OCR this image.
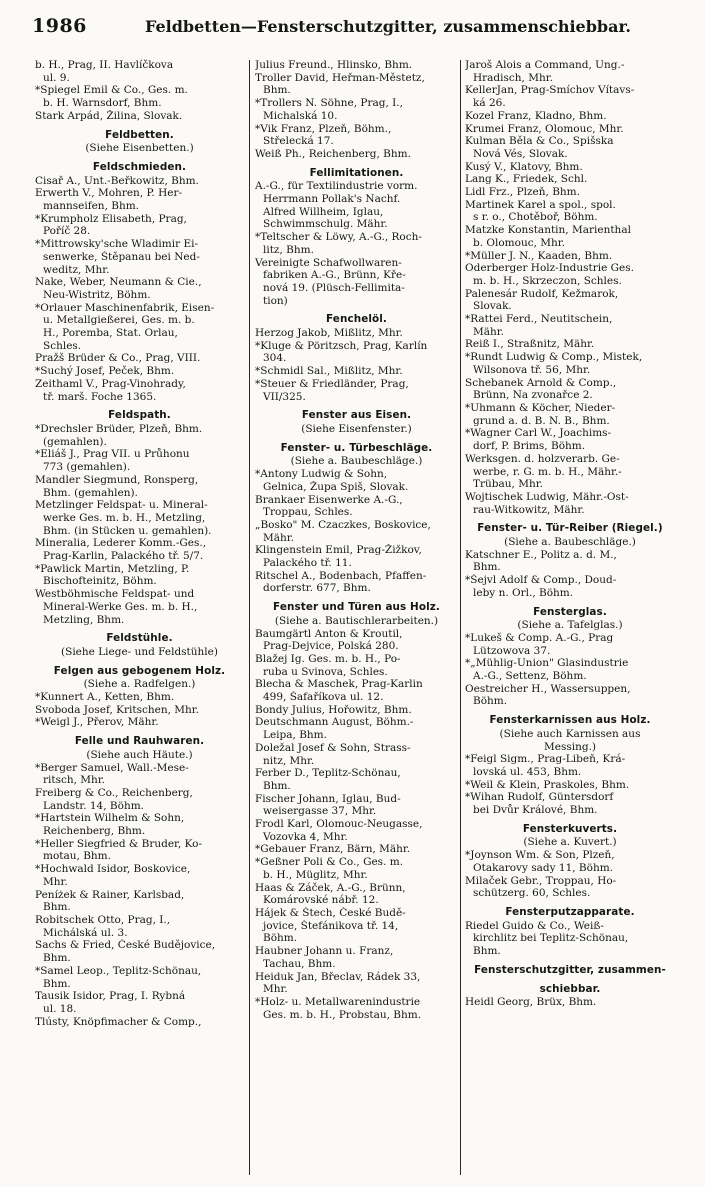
1986	Feldbetten—Fensterschutzgitter, zusammenschiebbar.
b. H., Prag, II. Havlíčkova
ul. 9.
*Spiegel Emil & Co., Ges. m.
b. H. Warnsdorf, Bhm.
Stark Arpád, Žilina, Slovak.
Feldbetten.
(Siehe Eisenbetten.)
Feldschmieden.
Cisař A., Unt.-Beřkowitz, Bhm.
Erwerth V., Mohren, P. Her-
mannseifen, Bhm.
*Krumpholz Elisabeth, Prag,
Poříč 28.
*Mittrowsky'sche Wladimir Ei-
senwerke, Štěpanau bei Ned-
weditz, Mhr.
Nake, Weber, Neumann & Cie.,
Neu-Wistritz, Böhm.
*Orlauer Maschinenfabrik, Eisen-
u. Metallgießerei, Ges. m. b.
H., Poremba, Stat. Orlau,
Schles.
Pražš Brüder & Co., Prag, VIII.
*Suchý Josef, Peček, Bhm.
Zeithaml V., Prag-Vinohrady,
tř. marš. Foche 1365.
Feldspath.
*Drechsler Brüder, Plzeň, Bhm.
(gemahlen).
*Eliáš J., Prag VII. u Průhonu
773 (gemahlen).
Mandler Siegmund, Ronsperg,
Bhm. (gemahlen).
Metzlinger Feldspat- u. Mineral-
werke Ges. m. b. H., Metzling,
Bhm. (in Stücken u. gemahlen).
Mineralia, Lederer Komm.-Ges.,
Prag-Karlin, Palackého tř. 5/7.
*Pawlick Martin, Metzling, P.
Bischofteinitz, Böhm.
Westböhmische Feldspat- und
Mineral-Werke Ges. m. b. H.,
Metzling, Bhm.
Feldstühle.
(Siehe Liege- und Feldstühle)
Felgen aus gebogenem Holz.
(Siehe a. Radfelgen.)
*Kunnert A., Ketten, Bhm.
Svoboda Josef, Kritschen, Mhr.
*Weigl J., Přerov, Mähr.
Felle und Rauhwaren.
(Siehe auch Häute.)
*Berger Samuel, Wall.-Mese-
ritsch, Mhr.
Freiberg & Co., Reichenberg,
Landstr. 14, Böhm.
*Hartstein Wilhelm & Sohn,
Reichenberg, Bhm.
*Heller Siegfried & Bruder, Ko-
motau, Bhm.
*Hochwald Isidor, Boskovice,
Mhr.
Peníżek & Rainer, Karlsbad,
Bhm.
Robitschek Otto, Prag, I.,
Michálská ul. 3.
Sachs & Fried, České Budějovice,
Bhm.
*Samel Leop., Teplitz-Schönau,
Bhm.
Tausik Isidor, Prag, I. Rybná
ul. 18.
Tlústy, Knöpfimacher & Comp.,
Julius Freund., Hlinsko, Bhm.
Troller David, Heřman-Městetz,
Bhm.
*Trollers N. Söhne, Prag, I.,
Michalská 10.
*Vik Franz, Plzeň, Böhm.,
Střelecká 17.
Weiß Ph., Reichenberg, Bhm.
Fellimitationen.
A.-G., für Textilindustrie vorm.
Herrmann Pollak's Nachf.
Alfred Willheim, Iglau,
Schwimmschulg. Mähr.
*Teltscher & Löwy, A.-G., Roch-
litz, Bhm.
Vereinigte Schafwollwaren-
fabriken A.-G., Brünn, Křе-
nová 19. (Plüsch-Fellimita-
tion)
Fenchelöl.
Herzog Jakob, Mißlitz, Mhr.
*Kluge & Pöritzsch, Prag, Karlín
304.
*Schmidl Sal., Mißlitz, Mhr.
*Steuer & Friedländer, Prag,
VII/325.
Fenster aus Eisen.
(Siehe Eisenfenster.)
Fenster- u. Türbeschläge.
(Siehe a. Baubeschläge.)
*Antony Ludwig & Sohn,
Gelnica, Župa Spiš, Slovak.
Brankaer Eisenwerke A.-G.,
Troppau, Schles.
„Bosko" M. Czaczkes, Boskovice,
Mähr.
Klingenstein Emil, Prag-Žižkov,
Palackého tř. 11.
Ritschel A., Bodenbach, Pfaffen-
dorferstr. 677, Bhm.
Fenster und Türen aus Holz.
(Siehe a. Bautischlerarbeiten.)
Baumgärtl Anton & Kroutil,
Prag-Dejvice, Polská 280.
Blažej Ig. Ges. m. b. H., Po-
ruba u Svinova, Schles.
Blecha & Maschek, Prag-Karlin
499, Šafaříkova ul. 12.
Bondy Julius, Hořowitz, Bhm.
Deutschmann August, Böhm.-
Leipa, Bhm.
Doležal Josef & Sohn, Strass-
nitz, Mhr.
Ferber D., Teplitz-Schönau,
Bhm.
Fischer Johann, Iglau, Bud-
weisergasse 37, Mhr.
Frodl Karl, Olomouc-Neugasse,
Vozovka 4, Mhr.
*Gebauer Franz, Bärn, Mähr.
*Geßner Poli & Co., Ges. m.
b. H., Müglitz, Mhr.
Haas & Záček, A.-G., Brünn,
Komárovské nábř. 12.
Hájek & Štech, České Budě-
jovice, Štefánikova tř. 14,
Böhm.
Haubner Johann u. Franz,
Tachau, Bhm.
Heiduk Jan, Břeclav, Rádek 33,
Mhr.
*Holz- u. Metallwarenindustrie
Ges. m. b. H., Probstau, Bhm.
Jaroš Alois a Command, Ung.-
Hradisch, Mhr.
KellerJan, Prag-Smíchov Vítavs-
ká 26.
Kozel Franz, Kladno, Bhm.
Krumei Franz, Olomouc, Mhr.
Kulman Běla & Co., Spišska
Nová Vés, Slovak.
Kusý V., Klatovy, Bhm.
Lang K., Friedek, Schl.
Lidl Frz., Plzeň, Bhm.
Martinek Karel a spol., spol.
s r. o., Chotěboř, Böhm.
Matzke Konstantin, Marienthal
b. Olomouc, Mhr.
*Müller J. N., Kaaden, Bhm.
Oderberger Holz-Industrie Ges.
m. b. H., Skrzeczon, Schles.
Palenesár Rudolf, Kežmarok,
Slovak.
*Rattei Ferd., Neutitschein,
Mähr.
Reiß I., Straßnitz, Mähr.
*Rundt Ludwig & Comp., Mistek,
Wilsonova tř. 56, Mhr.
Schebanek Arnold & Comp.,
Brünn, Na zvonařce 2.
*Uhmann & Köcher, Nieder-
grund a. d. B. N. B., Bhm.
*Wagner Carl W., Joachims-
dorf, P. Brims, Böhm.
Werksgen. d. holzverarb. Ge-
werbe, r. G. m. b. H., Mähr.-
Trübau, Mhr.
Wojtischek Ludwig, Mähr.-Ost-
rau-Witkowitz, Mähr.
Fenster- u. Tür-Reiber (Riegel.)
(Siehe a. Baubeschläge.)
Katschner E., Politz a. d. M.,
Bhm.
*Šejvl Adolf & Comp., Doud-
leby n. Orl., Böhm.
Fensterglas.
(Siehe a. Tafelglas.)
*Lukeš & Comp. A.-G., Prag
Lützowova 37.
*„Mühlig-Union" Glasindustrie
A.-G., Settenz, Böhm.
Oestreicher H., Wassersuppen,
Böhm.
Fensterkarnissen aus Holz.
(Siehe auch Karnissen aus
Messing.)
*Feigl Sigm., Prag-Libeň, Krá-
lovská ul. 453, Bhm.
*Weil & Klein, Praskoles, Bhm.
*Wihan Rudolf, Güntersdorf
bei Dvůr Králové, Bhm.
Fensterkuverts.
(Siehe a. Kuvert.)
*Joynson Wm. & Son, Plzeň,
Otakarovy sady 11, Böhm.
Milaček Gebr., Troppau, Ho-
schützerg. 60, Schles.
Fensterputzapparate.
Riedel Guido & Co., Weiß-
kirchlitz bei Teplitz-Schönau,
Bhm.
Fensterschutzgitter, zusammen-
schiebbar.
Heidl Georg, Brüx, Bhm.
